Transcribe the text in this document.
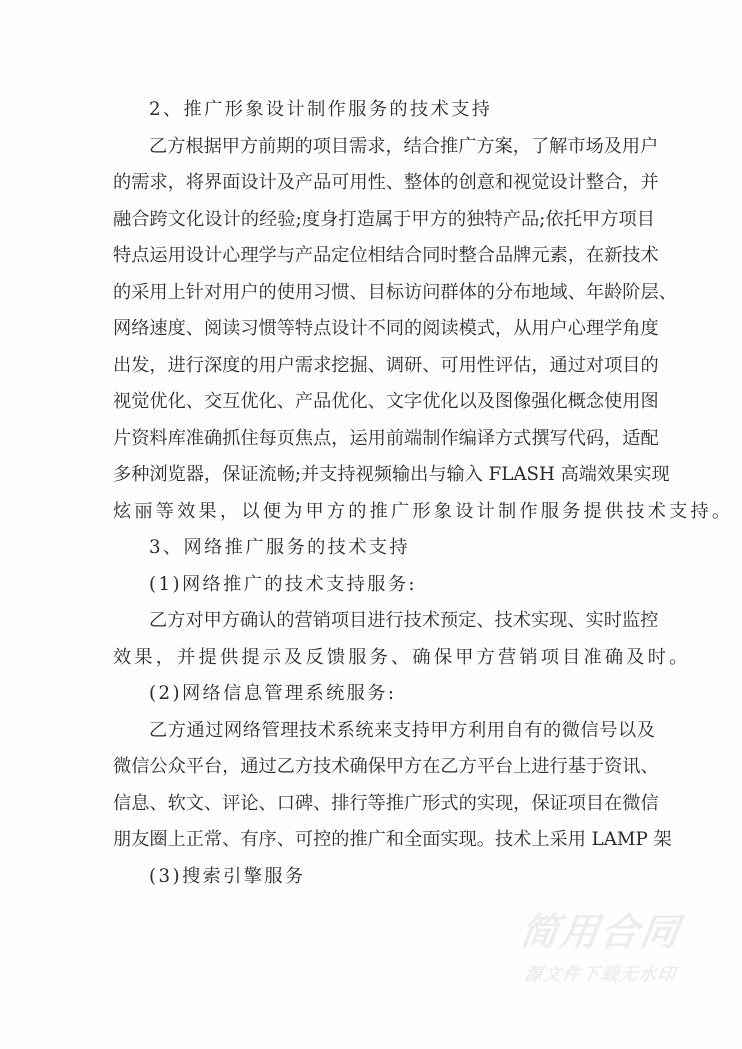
2、推广形象设计制作服务的技术支持
乙方根据甲方前期的项目需求，结合推广方案，了解市场及用户
的需求，将界面设计及产品可用性、整体的创意和视觉设计整合，并
融合跨文化设计的经验;度身打造属于甲方的独特产品;依托甲方项目
特点运用设计心理学与产品定位相结合同时整合品牌元素，在新技术
的采用上针对用户的使用习惯、目标访问群体的分布地域、年龄阶层、
网络速度、阅读习惯等特点设计不同的阅读模式，从用户心理学角度
出发，进行深度的用户需求挖掘、调研、可用性评估，通过对项目的
视觉优化、交互优化、产品优化、文字优化以及图像强化概念使用图
片资料库准确抓住每页焦点，运用前端制作编译方式撰写代码，适配
多种浏览器，保证流畅;并支持视频输出与输入 FLASH 高端效果实现
炫丽等效果，以便为甲方的推广形象设计制作服务提供技术支持。
3、网络推广服务的技术支持
(1)网络推广的技术支持服务:
乙方对甲方确认的营销项目进行技术预定、技术实现、实时监控
效果，并提供提示及反馈服务、确保甲方营销项目准确及时。
(2)网络信息管理系统服务:
乙方通过网络管理技术系统来支持甲方利用自有的微信号以及
微信公众平台，通过乙方技术确保甲方在乙方平台上进行基于资讯、
信息、软文、评论、口碑、排行等推广形式的实现，保证项目在微信
朋友圈上正常、有序、可控的推广和全面实现。技术上采用 LAMP 架
(3)搜索引擎服务
简用合同
源文件下载无水印
